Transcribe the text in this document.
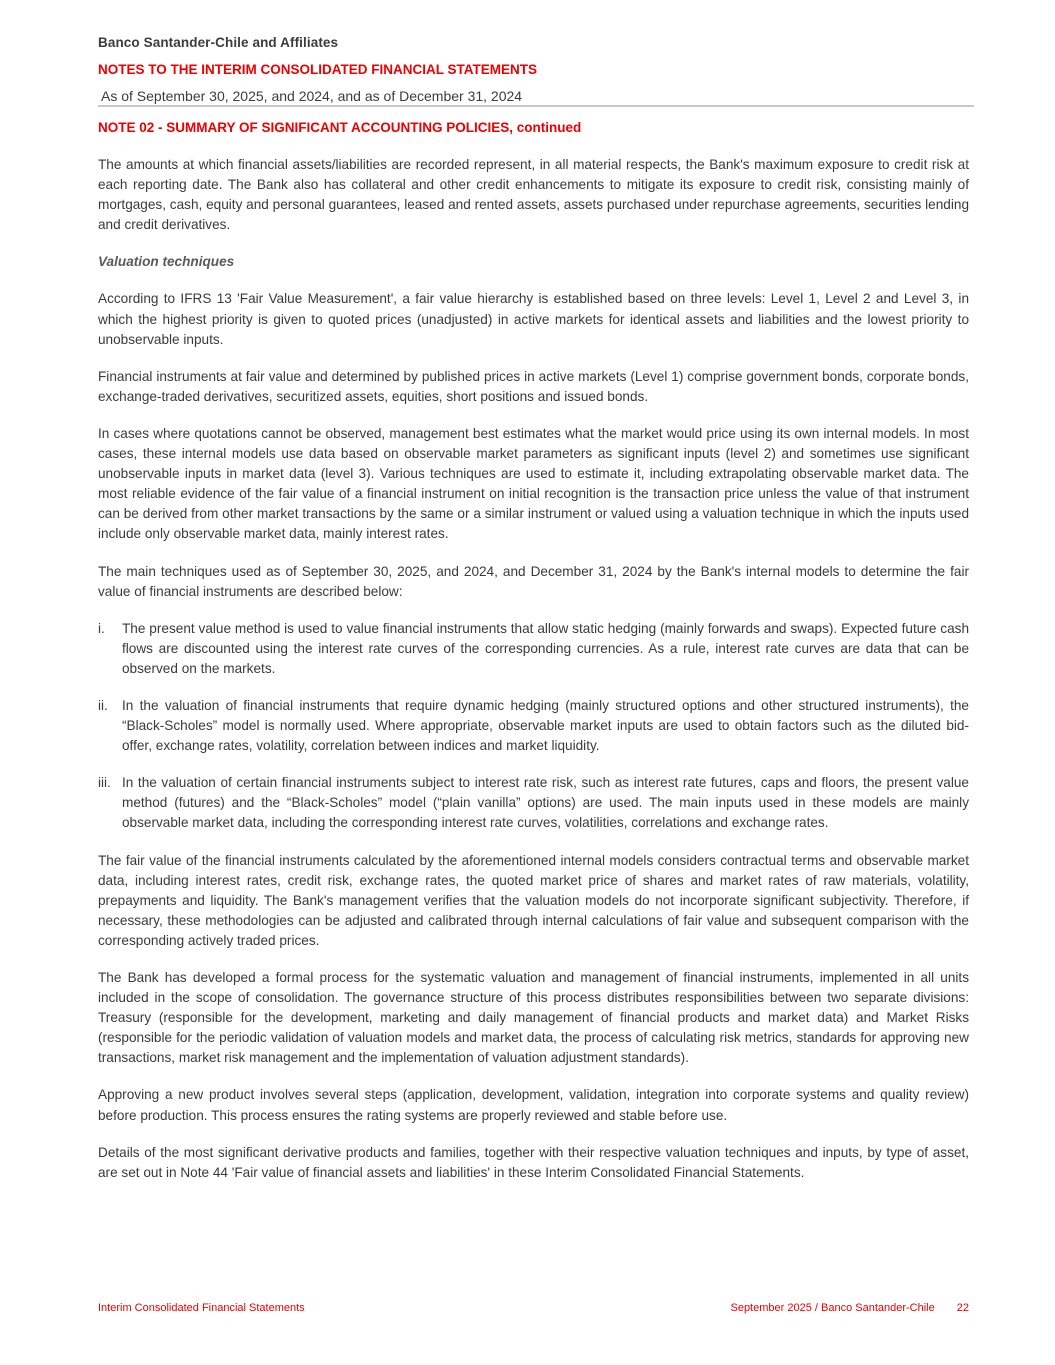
Banco Santander-Chile and Affiliates
NOTES TO THE INTERIM CONSOLIDATED FINANCIAL STATEMENTS
As of September 30, 2025, and 2024, and as of December 31, 2024
NOTE 02 - SUMMARY OF SIGNIFICANT ACCOUNTING POLICIES, continued

The amounts at which financial assets/liabilities are recorded represent, in all material respects, the Bank's maximum exposure to credit risk at each reporting date. The Bank also has collateral and other credit enhancements to mitigate its exposure to credit risk, consisting mainly of mortgages, cash, equity and personal guarantees, leased and rented assets, assets purchased under repurchase agreements, securities lending and credit derivatives.

Valuation techniques

According to IFRS 13 'Fair Value Measurement', a fair value hierarchy is established based on three levels: Level 1, Level 2 and Level 3, in which the highest priority is given to quoted prices (unadjusted) in active markets for identical assets and liabilities and the lowest priority to unobservable inputs.

Financial instruments at fair value and determined by published prices in active markets (Level 1) comprise government bonds, corporate bonds, exchange-traded derivatives, securitized assets, equities, short positions and issued bonds.

In cases where quotations cannot be observed, management best estimates what the market would price using its own internal models. In most cases, these internal models use data based on observable market parameters as significant inputs (level 2) and sometimes use significant unobservable inputs in market data (level 3). Various techniques are used to estimate it, including extrapolating observable market data. The most reliable evidence of the fair value of a financial instrument on initial recognition is the transaction price unless the value of that instrument can be derived from other market transactions by the same or a similar instrument or valued using a valuation technique in which the inputs used include only observable market data, mainly interest rates.

The main techniques used as of September 30, 2025, and 2024, and December 31, 2024 by the Bank's internal models to determine the fair value of financial instruments are described below:

i.	The present value method is used to value financial instruments that allow static hedging (mainly forwards and swaps). Expected future cash flows are discounted using the interest rate curves of the corresponding currencies. As a rule, interest rate curves are data that can be observed on the markets.
ii.	In the valuation of financial instruments that require dynamic hedging (mainly structured options and other structured instruments), the “Black-Scholes” model is normally used. Where appropriate, observable market inputs are used to obtain factors such as the diluted bid-offer, exchange rates, volatility, correlation between indices and market liquidity.
iii. In the valuation of certain financial instruments subject to interest rate risk, such as interest rate futures, caps and floors, the present value method (futures) and the “Black-Scholes” model (“plain vanilla” options) are used. The main inputs used in these models are mainly observable market data, including the corresponding interest rate curves, volatilities, correlations and exchange rates.

The fair value of the financial instruments calculated by the aforementioned internal models considers contractual terms and observable market data, including interest rates, credit risk, exchange rates, the quoted market price of shares and market rates of raw materials, volatility, prepayments and liquidity. The Bank's management verifies that the valuation models do not incorporate significant subjectivity. Therefore, if necessary, these methodologies can be adjusted and calibrated through internal calculations of fair value and subsequent comparison with the corresponding actively traded prices.

The Bank has developed a formal process for the systematic valuation and management of financial instruments, implemented in all units included in the scope of consolidation. The governance structure of this process distributes responsibilities between two separate divisions: Treasury (responsible for the development, marketing and daily management of financial products and market data) and Market Risks (responsible for the periodic validation of valuation models and market data, the process of calculating risk metrics, standards for approving new transactions, market risk management and the implementation of valuation adjustment standards).

Approving a new product involves several steps (application, development, validation, integration into corporate systems and quality review) before production. This process ensures the rating systems are properly reviewed and stable before use.

Details of the most significant derivative products and families, together with their respective valuation techniques and inputs, by type of asset, are set out in Note 44 'Fair value of financial assets and liabilities' in these Interim Consolidated Financial Statements.

Interim Consolidated Financial Statements	September 2025 / Banco Santander-Chile 22
